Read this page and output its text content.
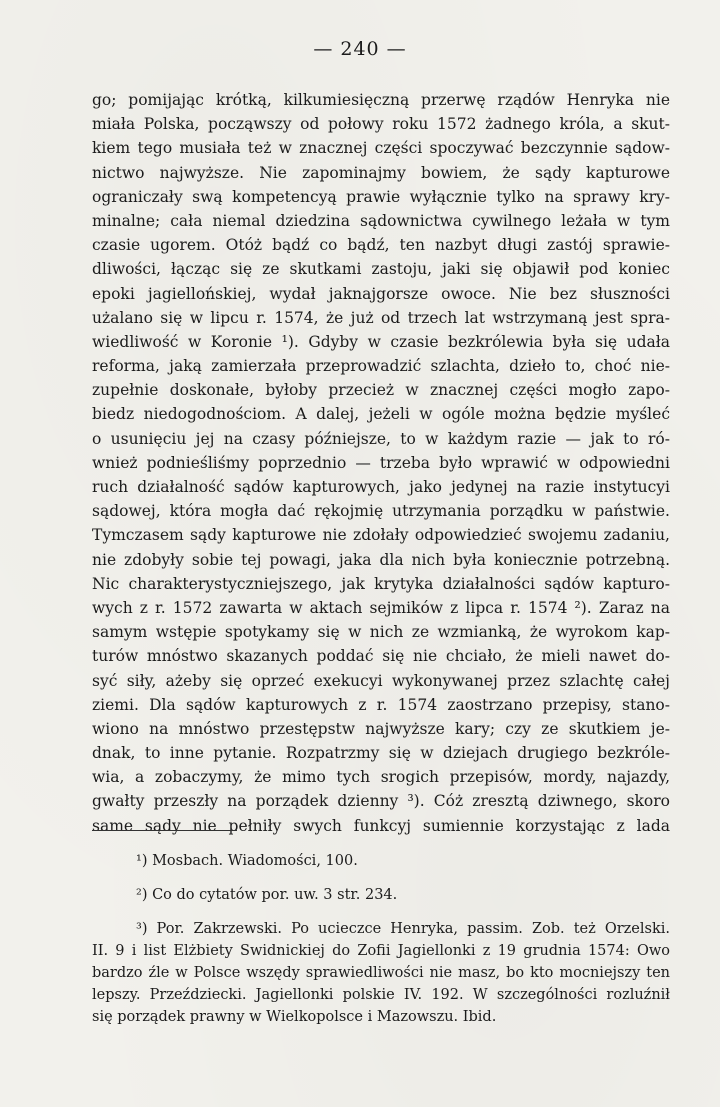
— 240 —
go; pomijając krótką, kilkumiesięczną przerwę rządów Henryka nie
miała Polska, począwszy od połowy roku 1572 żadnego króla, a skut-
kiem tego musiała też w znacznej części spoczywać bezczynnie sądow-
nictwo najwyższe. Nie zapominajmy bowiem, że sądy kapturowe
ograniczały swą kompetencyą prawie wyłącznie tylko na sprawy kry-
minalne; cała niemal dziedzina sądownictwa cywilnego leżała w tym
czasie ugorem. Otóż bądź co bądź, ten nazbyt długi zastój sprawie-
dliwości, łącząc się ze skutkami zastoju, jaki się objawił pod koniec
epoki jagiellońskiej, wydał jaknajgorsze owoce. Nie bez słuszności
użalano się w lipcu r. 1574, że już od trzech lat wstrzymaną jest spra-
wiedliwość w Koronie ¹). Gdyby w czasie bezkrólewia była się udała
reforma, jaką zamierzała przeprowadzić szlachta, dzieło to, choć nie-
zupełnie doskonałe, byłoby przecież w znacznej części mogło zapo-
biedz niedogodnościom. A dalej, jeżeli w ogóle można będzie myśleć
o usunięciu jej na czasy późniejsze, to w każdym razie — jak to ró-
wnież podnieśliśmy poprzednio — trzeba było wprawić w odpowiedni
ruch działalność sądów kapturowych, jako jedynej na razie instytucyi
sądowej, która mogła dać rękojmię utrzymania porządku w państwie.
Tymczasem sądy kapturowe nie zdołały odpowiedzieć swojemu zadaniu,
nie zdobyły sobie tej powagi, jaka dla nich była koniecznie potrzebną.
Nic charakterystyczniejszego, jak krytyka działalności sądów kapturo-
wych z r. 1572 zawarta w aktach sejmików z lipca r. 1574 ²). Zaraz na
samym wstępie spotykamy się w nich ze wzmianką, że wyrokom kap-
turów mnóstwo skazanych poddać się nie chciało, że mieli nawet do-
syć siły, ażeby się oprzeć exekucyi wykonywanej przez szlachtę całej
ziemi. Dla sądów kapturowych z r. 1574 zaostrzano przepisy, stano-
wiono na mnóstwo przestępstw najwyższe kary; czy ze skutkiem je-
dnak, to inne pytanie. Rozpatrzmy się w dziejach drugiego bezkróle-
wia, a zobaczymy, że mimo tych srogich przepisów, mordy, najazdy,
gwałty przeszły na porządek dzienny ³). Cóż zresztą dziwnego, skoro
same sądy nie pełniły swych funkcyj sumiennie korzystając z lada
¹) Mosbach. Wiadomości, 100.
²) Co do cytatów por. uw. 3 str. 234.
³) Por. Zakrzewski. Po ucieczce Henryka, passim. Zob. też Orzelski.
II. 9 i list Elżbiety Swidnickiej do Zofii Jagiellonki z 19 grudnia 1574: Owo
bardzo źle w Polsce wszędy sprawiedliwości nie masz, bo kto mocniejszy ten
lepszy. Przeździecki. Jagiellonki polskie IV. 192. W szczególności rozluźnił
się porządek prawny w Wielkopolsce i Mazowszu. Ibid.
